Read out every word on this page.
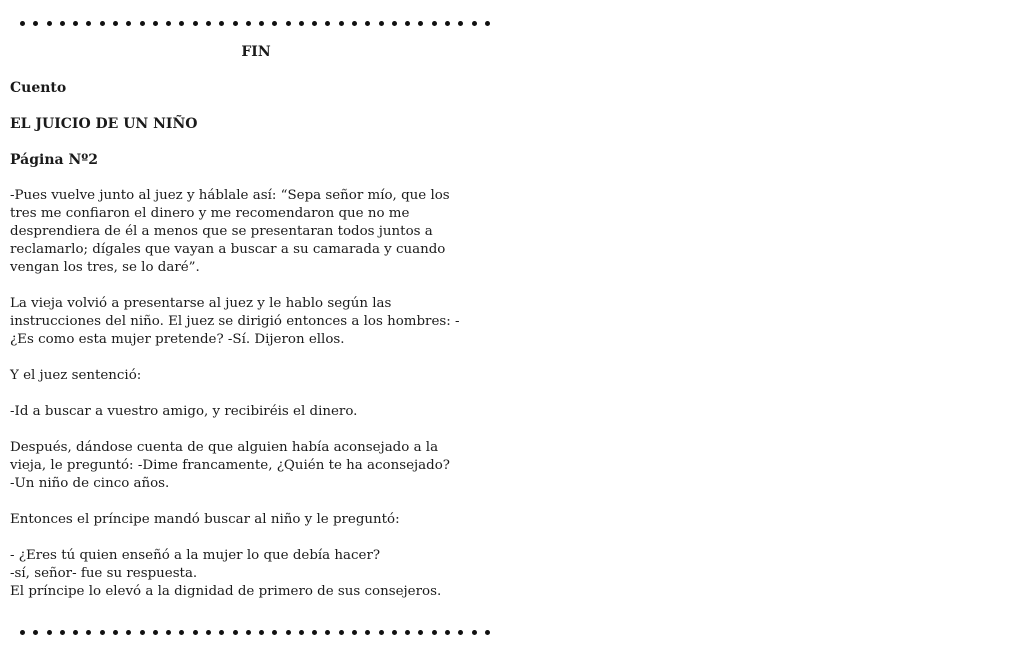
FIN

Cuento

EL JUICIO DE UN NIÑO

Página Nº2

-Pues vuelve junto al juez y háblale así: “Sepa señor mío, que los
tres me confiaron el dinero y me recomendaron que no me
desprendiera de él a menos que se presentaran todos juntos a
reclamarlo; dígales que vayan a buscar a su camarada y cuando
vengan los tres, se lo daré”.

La vieja volvió a presentarse al juez y le hablo según las
instrucciones del niño. El juez se dirigió entonces a los hombres: -
¿Es como esta mujer pretende? -Sí. Dijeron ellos.

Y el juez sentenció:

-Id a buscar a vuestro amigo, y recibiréis el dinero.

Después, dándose cuenta de que alguien había aconsejado a la
vieja, le preguntó: -Dime francamente, ¿Quién te ha aconsejado?
-Un niño de cinco años.

Entonces el príncipe mandó buscar al niño y le preguntó:

- ¿Eres tú quien enseñó a la mujer lo que debía hacer?
-sí, señor- fue su respuesta.
El príncipe lo elevó a la dignidad de primero de sus consejeros.
